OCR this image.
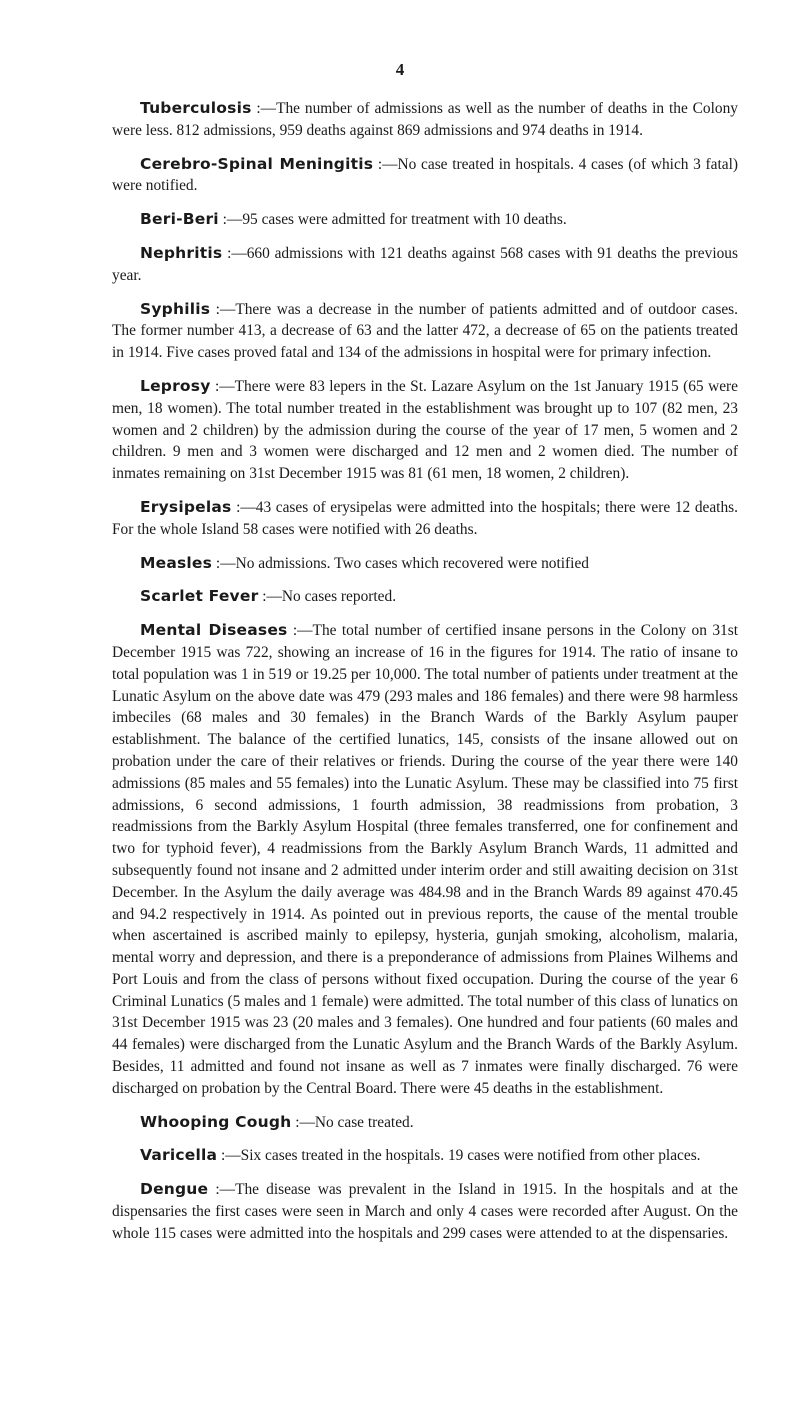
4

Tuberculosis :—The number of admissions as well as the number of deaths in the Colony were less. 812 admissions, 959 deaths against 869 admissions and 974 deaths in 1914.

Cerebro-Spinal Meningitis :—No case treated in hospitals. 4 cases (of which 3 fatal) were notified.

Beri-Beri :—95 cases were admitted for treatment with 10 deaths.

Nephritis :—660 admissions with 121 deaths against 568 cases with 91 deaths the previous year.

Syphilis :—There was a decrease in the number of patients admitted and of outdoor cases. The former number 413, a decrease of 63 and the latter 472, a decrease of 65 on the patients treated in 1914. Five cases proved fatal and 134 of the admissions in hospital were for primary infection.

Leprosy :—There were 83 lepers in the St. Lazare Asylum on the 1st January 1915 (65 were men, 18 women). The total number treated in the establishment was brought up to 107 (82 men, 23 women and 2 children) by the admission during the course of the year of 17 men, 5 women and 2 children. 9 men and 3 women were discharged and 12 men and 2 women died. The number of inmates remaining on 31st December 1915 was 81 (61 men, 18 women, 2 children).

Erysipelas :—43 cases of erysipelas were admitted into the hospitals; there were 12 deaths. For the whole Island 58 cases were notified with 26 deaths.

Measles :—No admissions. Two cases which recovered were notified

Scarlet Fever :—No cases reported.

Mental Diseases :—The total number of certified insane persons in the Colony on 31st December 1915 was 722, showing an increase of 16 in the figures for 1914. The ratio of insane to total population was 1 in 519 or 19.25 per 10,000. The total number of patients under treatment at the Lunatic Asylum on the above date was 479 (293 males and 186 females) and there were 98 harmless imbeciles (68 males and 30 females) in the Branch Wards of the Barkly Asylum pauper establishment. The balance of the certified lunatics, 145, consists of the insane allowed out on probation under the care of their relatives or friends. During the course of the year there were 140 admissions (85 males and 55 females) into the Lunatic Asylum. These may be classified into 75 first admissions, 6 second admissions, 1 fourth admission, 38 readmissions from probation, 3 readmissions from the Barkly Asylum Hospital (three females transferred, one for confinement and two for typhoid fever), 4 readmissions from the Barkly Asylum Branch Wards, 11 admitted and subsequently found not insane and 2 admitted under interim order and still awaiting decision on 31st December. In the Asylum the daily average was 484.98 and in the Branch Wards 89 against 470.45 and 94.2 respectively in 1914. As pointed out in previous reports, the cause of the mental trouble when ascertained is ascribed mainly to epilepsy, hysteria, gunjah smoking, alcoholism, malaria, mental worry and depression, and there is a preponderance of admissions from Plaines Wilhems and Port Louis and from the class of persons without fixed occupation. During the course of the year 6 Criminal Lunatics (5 males and 1 female) were admitted. The total number of this class of lunatics on 31st December 1915 was 23 (20 males and 3 females). One hundred and four patients (60 males and 44 females) were discharged from the Lunatic Asylum and the Branch Wards of the Barkly Asylum. Besides, 11 admitted and found not insane as well as 7 inmates were finally discharged. 76 were discharged on probation by the Central Board. There were 45 deaths in the establishment.

Whooping Cough :—No case treated.

Varicella :—Six cases treated in the hospitals. 19 cases were notified from other places.

Dengue :—The disease was prevalent in the Island in 1915. In the hospitals and at the dispensaries the first cases were seen in March and only 4 cases were recorded after August. On the whole 115 cases were admitted into the hospitals and 299 cases were attended to at the dispensaries.
